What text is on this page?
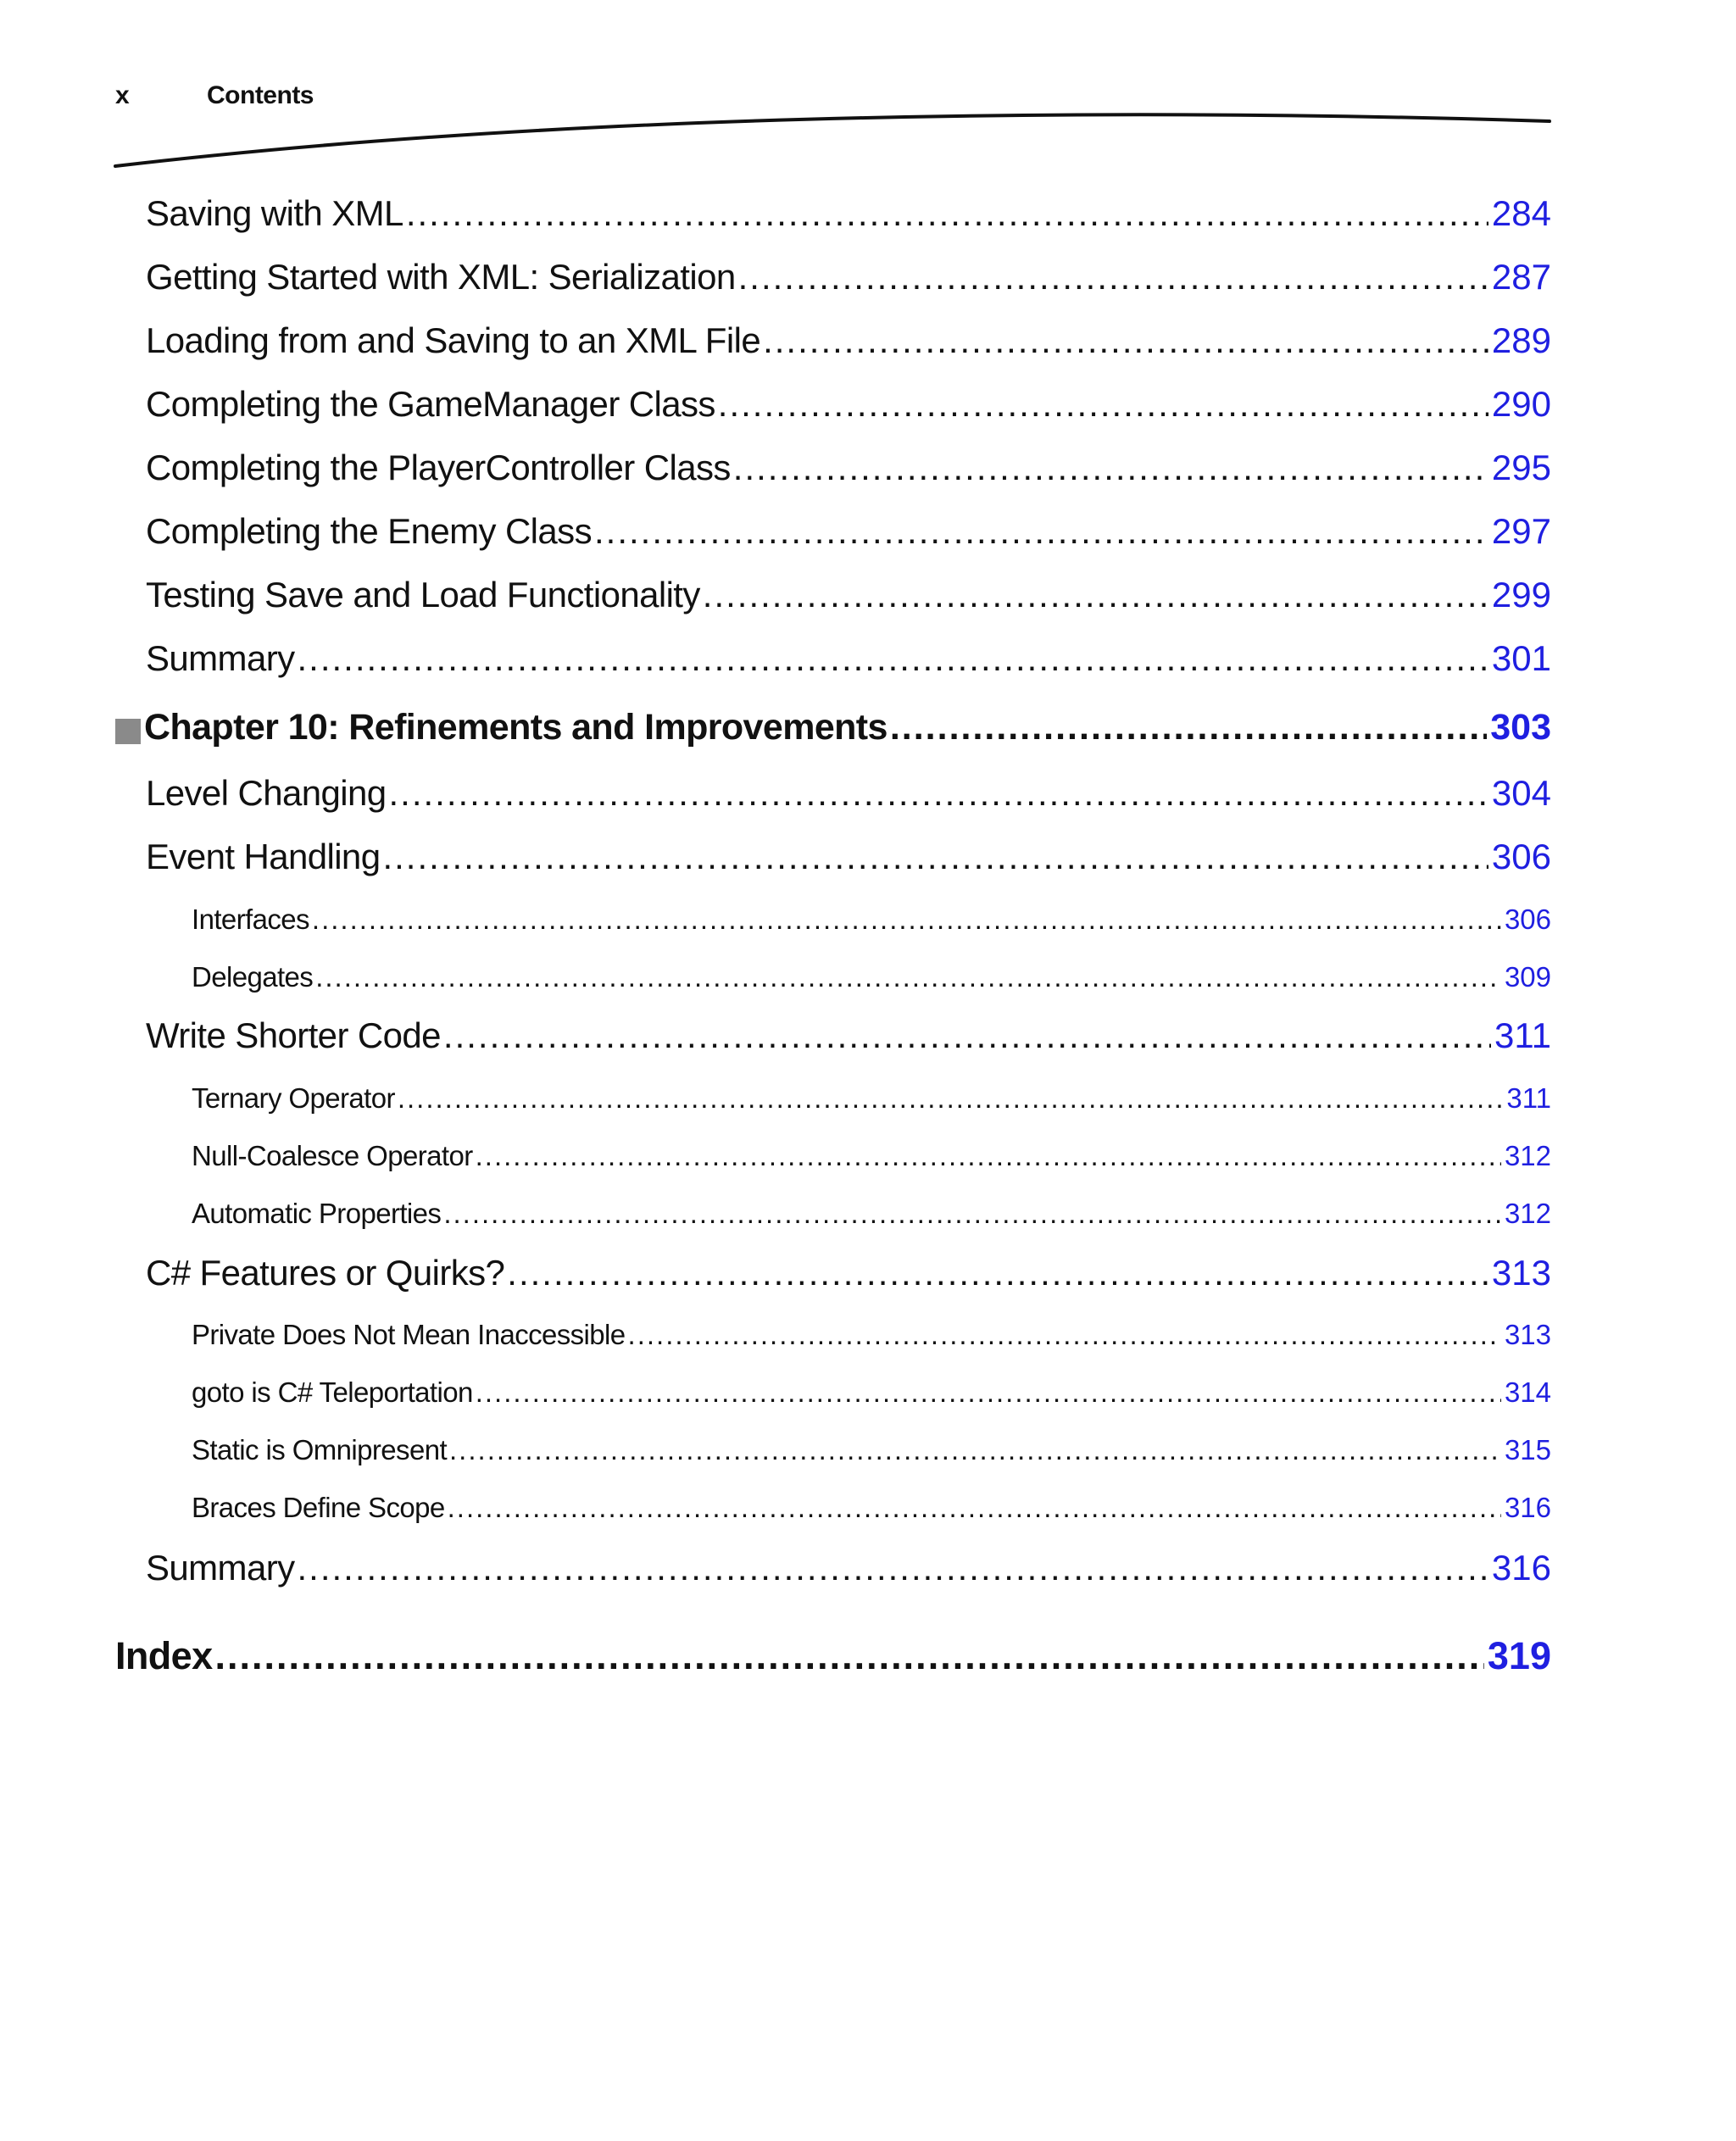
x	Contents
Saving with XML .....	284
Getting Started with XML: Serialization .....	287
Loading from and Saving to an XML File .....	289
Completing the GameManager Class .....	290
Completing the PlayerController Class .....	295
Completing the Enemy Class .....	297
Testing Save and Load Functionality .....	299
Summary .....	301
Chapter 10: Refinements and Improvements .....	303
Level Changing .....	304
Event Handling .....	306
Interfaces .....	306
Delegates .....	309
Write Shorter Code .....	311
Ternary Operator .....	311
Null-Coalesce Operator .....	312
Automatic Properties .....	312
C# Features or Quirks? .....	313
Private Does Not Mean Inaccessible .....	313
goto is C# Teleportation .....	314
Static is Omnipresent .....	315
Braces Define Scope .....	316
Summary .....	316
Index .....	319
